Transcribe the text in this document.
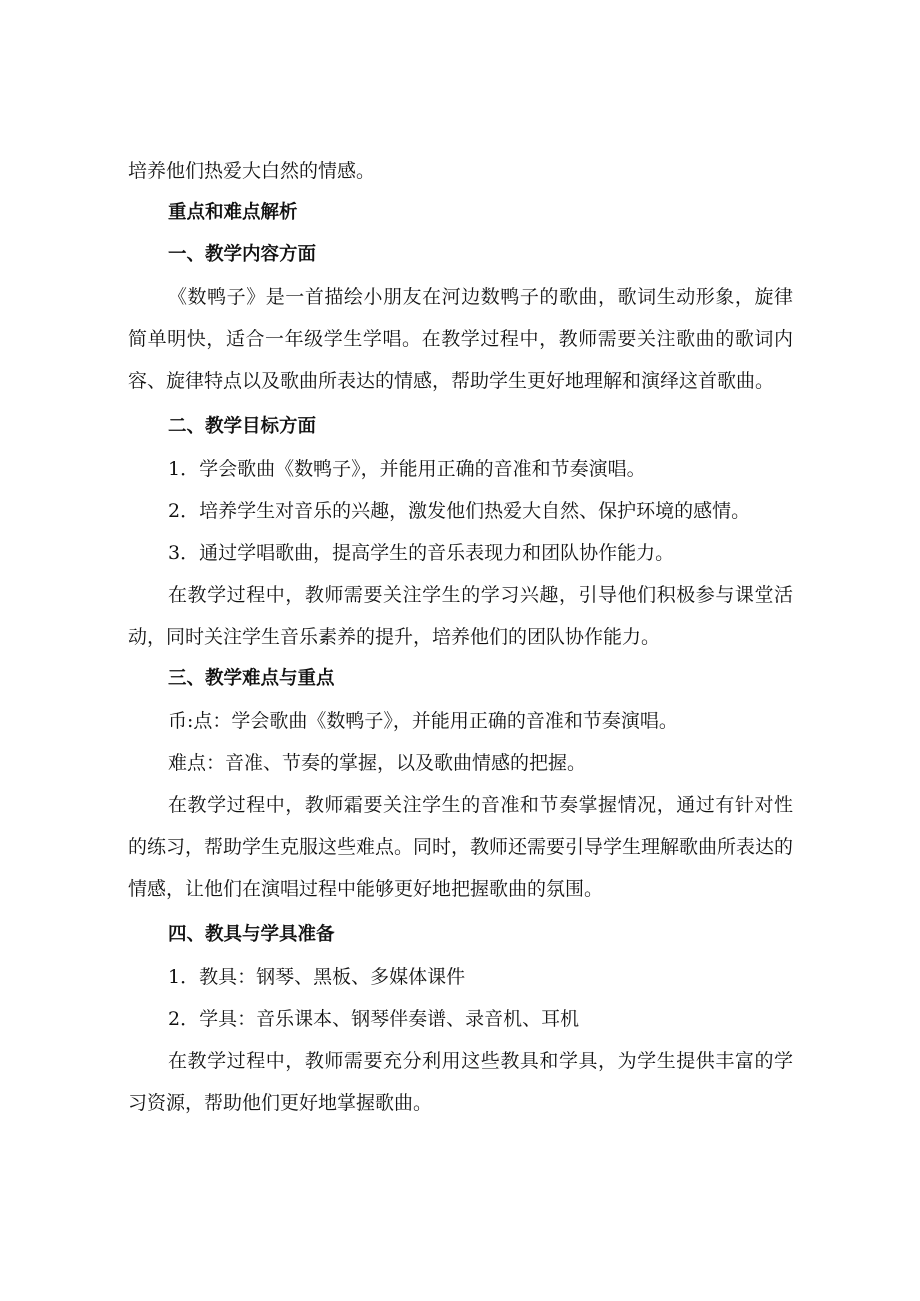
培养他们热爱大白然的情感。

重点和难点解析

一、教学内容方面

《数鸭子》是一首描绘小朋友在河边数鸭子的歌曲，歌词生动形象，旋律简单明快，适合一年级学生学唱。在教学过程中，教师需要关注歌曲的歌词内容、旋律特点以及歌曲所表达的情感，帮助学生更好地理解和演绎这首歌曲。

二、教学目标方面

1．学会歌曲《数鸭子》，并能用正确的音准和节奏演唱。

2．培养学生对音乐的兴趣，激发他们热爱大自然、保护环境的感情。

3．通过学唱歌曲，提高学生的音乐表现力和团队协作能力。

在教学过程中，教师需要关注学生的学习兴趣，引导他们积极参与课堂活动，同时关注学生音乐素养的提升，培养他们的团队协作能力。

三、教学难点与重点

币:点：学会歌曲《数鸭子》，并能用正确的音准和节奏演唱。

难点：音准、节奏的掌握，以及歌曲情感的把握。

在教学过程中，教师霜要关注学生的音准和节奏掌握情况，通过有针对性的练习，帮助学生克服这些难点。同时，教师还需要引导学生理解歌曲所表达的情感，让他们在演唱过程中能够更好地把握歌曲的氛围。

四、教具与学具准备

1．教具：钢琴、黑板、多媒体课件

2．学具：音乐课本、钢琴伴奏谱、录音机、耳机

在教学过程中，教师需要充分利用这些教具和学具，为学生提供丰富的学习资源，帮助他们更好地掌握歌曲。
